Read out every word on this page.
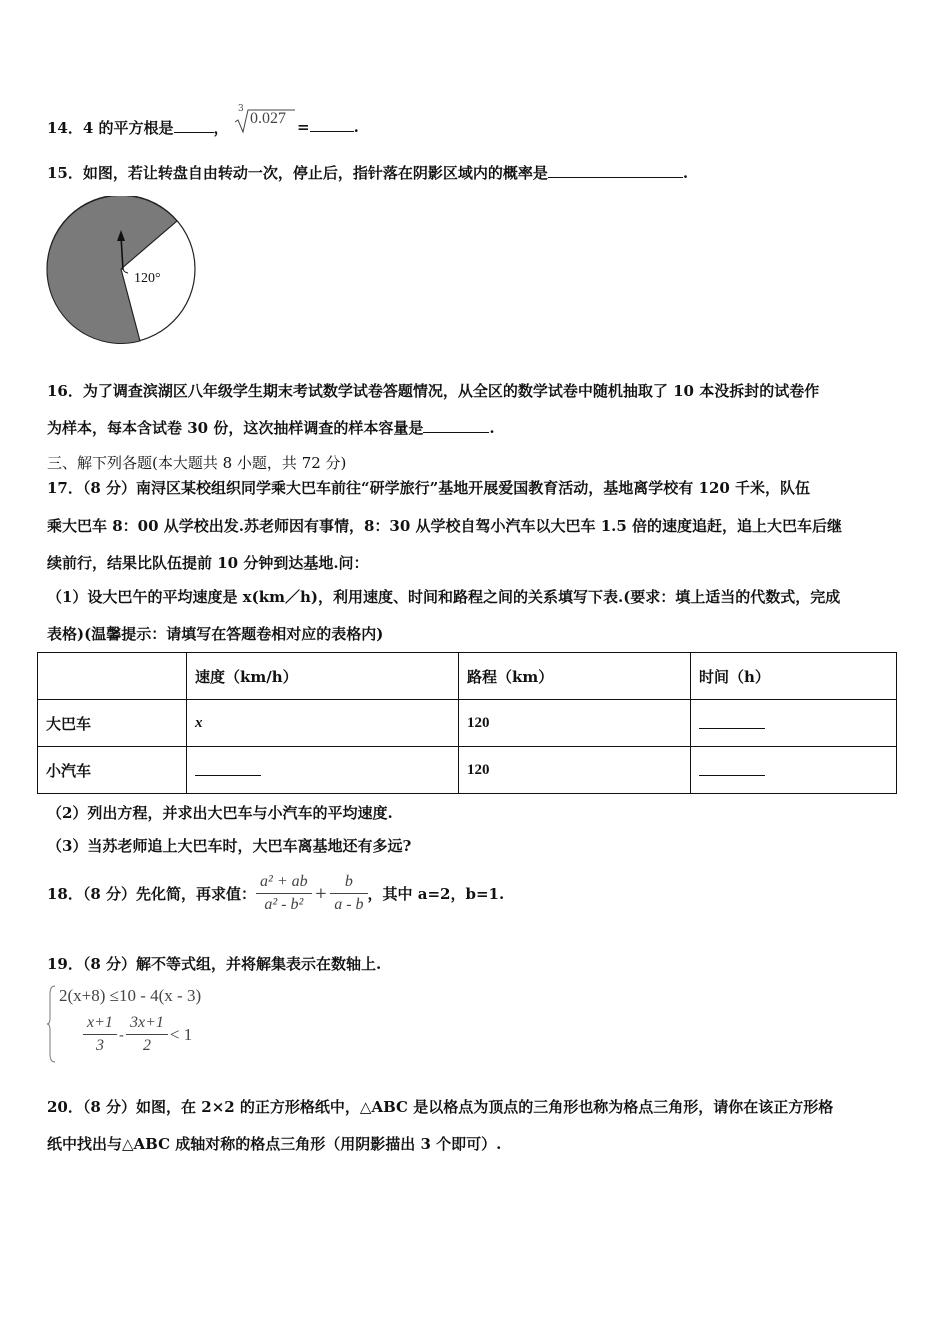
14．4 的平方根是	，
3
0.027 =	.
15．如图，若让转盘自由转动一次，停止后，指针落在阴影区域内的概率是	.
120°
16．为了调查滨湖区八年级学生期末考试数学试卷答题情况，从全区的数学试卷中随机抽取了 10 本没拆封的试卷作
为样本，每本含试卷 30 份，这次抽样调查的样本容量是	.
三、解下列各题(本大题共 8 小题，共 72 分)
17．（8 分）南浔区某校组织同学乘大巴车前往“研学旅行”基地开展爱国教育活动，基地离学校有 120 千米，队伍
乘大巴车 8：00 从学校出发.苏老师因有事情，8：30 从学校自驾小汽车以大巴车 1.5 倍的速度追赶，追上大巴车后继
续前行，结果比队伍提前 10 分钟到达基地.问：
（1）设大巴午的平均速度是 x(km／h)，利用速度、时间和路程之间的关系填写下表.(要求：填上适当的代数式，完成
表格)(温馨提示：请填写在答题卷相对应的表格内)
	速度（km/h）	路程（km）	时间（h）
大巴车	x	120	
小汽车		120	
（2）列出方程，并求出大巴车与小汽车的平均速度.
（3）当苏老师追上大巴车时，大巴车离基地还有多远?
18．（8 分）先化简，再求值： $\frac{\text{a² + ab}}{\text{a² - b²}} + \frac{b}{a - b}$ ，其中 a=2，b=1.
19．（8 分）解不等式组，并将解集表示在数轴上.
2(x+8) ≤10 - 4(x - 3)
$\frac{x+1}{3} - \frac{3x+1}{2} < 1$
20．（8 分）如图，在 2×2 的正方形格纸中，△ABC 是以格点为顶点的三角形也称为格点三角形，请你在该正方形格
纸中找出与△ABC 成轴对称的格点三角形（用阴影描出 3 个即可）.
